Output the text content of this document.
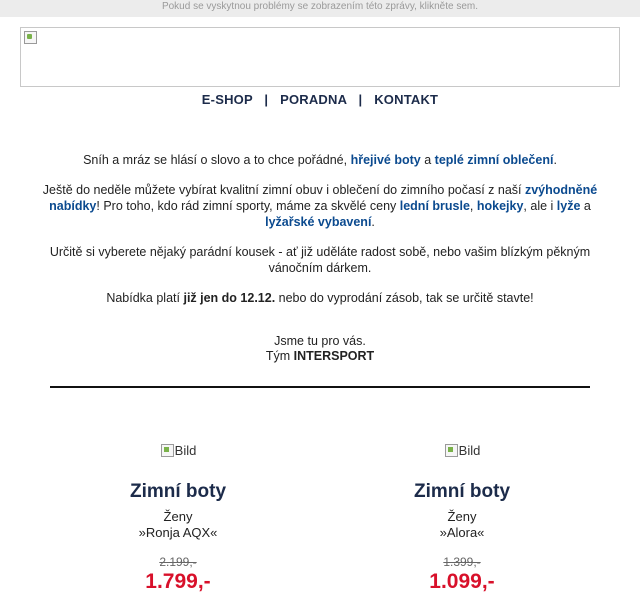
Pokud se vyskytnou problémy se zobrazením této zprávy, klikněte sem.
E-SHOP | PORADNA | KONTAKT

Sníh a mráz se hlásí o slovo a to chce pořádné, hřejivé boty a teplé zimní oblečení.

Ještě do neděle můžete vybírat kvalitní zimní obuv i oblečení do zimního počasí z naší zvýhodněné nabídky! Pro toho, kdo rád zimní sporty, máme za skvělé ceny lední brusle, hokejky, ale i lyže a lyžařské vybavení.

Určitě si vyberete nějaký parádní kousek - ať již uděláte radost sobě, nebo vašim blízkým pěkným vánočním dárkem.

Nabídka platí již jen do 12.12. nebo do vyprodání zásob, tak se určitě stavte!

Jsme tu pro vás.
Tým INTERSPORT
Bild
Zimní boty
Ženy
»Ronja AQX«
2.199,-
1.799,-
Bild
Zimní boty
Ženy
»Alora«
1.399,-
1.099,-
